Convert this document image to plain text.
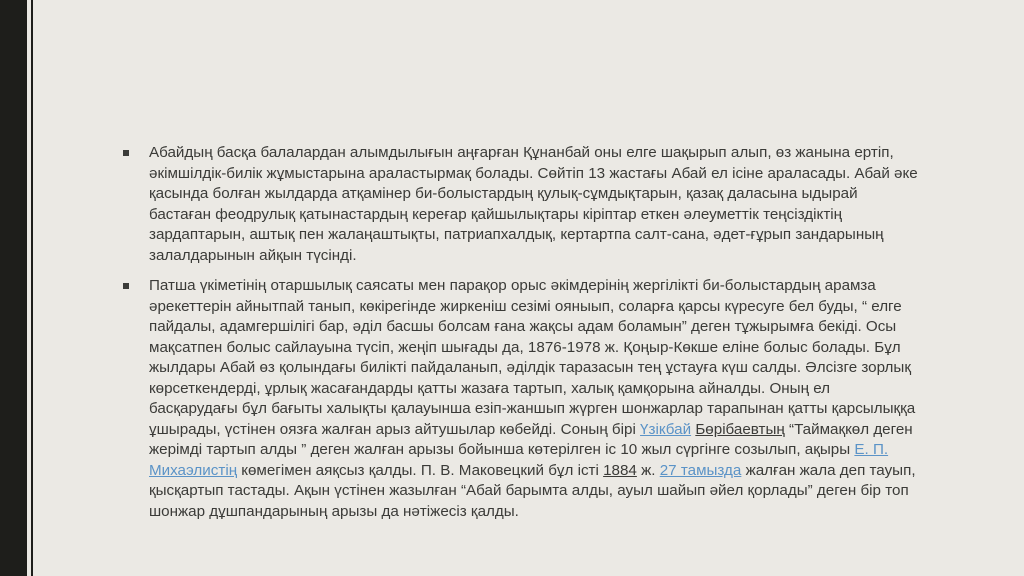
Абайдың басқа балалардан алымдылығын аңғарған Құнанбай оны елге шақырып алып, өз жанына ертіп, әкімшілдік-билік жұмыстарына араластырмақ болады. Сөйтіп 13 жастағы Абай ел ісіне араласады. Абай әке қасында болған жылдарда атқамінер би-болыстардың қулық-сұмдықтарын, қазақ даласына ыдырай бастаған феодрулық қатынастардың кереғар қайшылықтары кіріптар еткен әлеуметтік теңсіздіктің зардаптарын, аштық пен жалаңаштықты, патриапхалдық, кертартпа салт-сана, әдет-ғұрып зандарының залалдарынын айқын түсінді.
Патша үкіметінің отаршылық саясаты мен парақор орыс әкімдерінің жергілікті би-болыстардың арамза әрекеттерін айнытпай танып, көкірегінде жиркеніш сезімі ояныып, соларға қарсы күресуге бел буды, “ елге пайдалы, адамгершілігі бар, әділ басшы болсам ғана жақсы адам боламын” деген тұжырымға бекіді. Осы мақсатпен болыс сайлауына түсіп, жеңіп шығады да, 1876-1978 ж. Қоңыр-Көкше еліне болыс болады. Бұл жылдары Абай өз қолындағы билікті пайдаланып, әділдік таразасын тең ұстауға күш салды. Әлсізге зорлық көрсеткендерді, ұрлық жасағандарды қатты жазаға тартып, халық қамқорына айналды. Оның ел басқарудағы бұл бағыты халықты қалауынша езіп-жаншып жүрген шонжарлар тарапынан қатты қарсылыққа ұшырады, үстінен оязға жалған арыз айтушылар көбейді. Соның бірі Үзікбай Бөрібаевтың “Таймақкөл деген жерімді тартып алды ” деген жалған арызы бойынша көтерілген іс 10 жыл сүргінге созылып, ақыры Е. П. Михаэлистің көмегімен аяқсыз қалды. П. В. Маковецкий бұл істі 1884 ж. 27 тамызда жалған жала деп тауып, қысқартып тастады. Ақын үстінен жазылған “Абай барымта алды, ауыл шайып әйел қорлады” деген бір топ шонжар дұшпандарының арызы да нәтіжесіз қалды.
